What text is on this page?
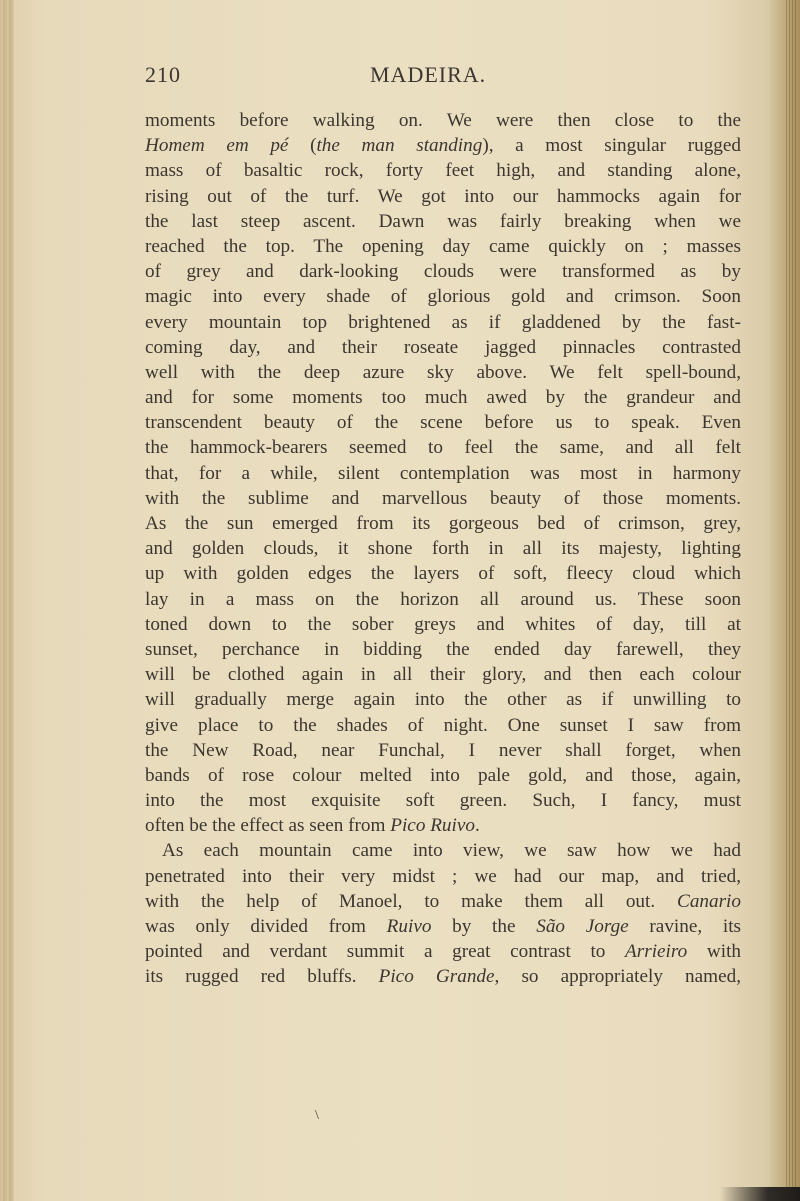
210	MADEIRA.
moments before walking on. We were then close to the
Homem em pé (the man standing), a most singular rugged
mass of basaltic rock, forty feet high, and standing alone,
rising out of the turf. We got into our hammocks again for
the last steep ascent. Dawn was fairly breaking when we
reached the top. The opening day came quickly on ; masses
of grey and dark-looking clouds were transformed as by
magic into every shade of glorious gold and crimson. Soon
every mountain top brightened as if gladdened by the fast-
coming day, and their roseate jagged pinnacles contrasted
well with the deep azure sky above. We felt spell-bound,
and for some moments too much awed by the grandeur and
transcendent beauty of the scene before us to speak. Even
the hammock-bearers seemed to feel the same, and all felt
that, for a while, silent contemplation was most in harmony
with the sublime and marvellous beauty of those moments.
As the sun emerged from its gorgeous bed of crimson, grey,
and golden clouds, it shone forth in all its majesty, lighting
up with golden edges the layers of soft, fleecy cloud which
lay in a mass on the horizon all around us. These soon
toned down to the sober greys and whites of day, till at
sunset, perchance in bidding the ended day farewell, they
will be clothed again in all their glory, and then each colour
will gradually merge again into the other as if unwilling to
give place to the shades of night. One sunset I saw from
the New Road, near Funchal, I never shall forget, when
bands of rose colour melted into pale gold, and those, again,
into the most exquisite soft green. Such, I fancy, must
often be the effect as seen from Pico Ruivo.
As each mountain came into view, we saw how we had
penetrated into their very midst ; we had our map, and tried,
with the help of Manoel, to make them all out. Canario
was only divided from Ruivo by the São Jorge ravine, its
pointed and verdant summit a great contrast to Arrieiro with
its rugged red bluffs. Pico Grande, so appropriately named,
\
